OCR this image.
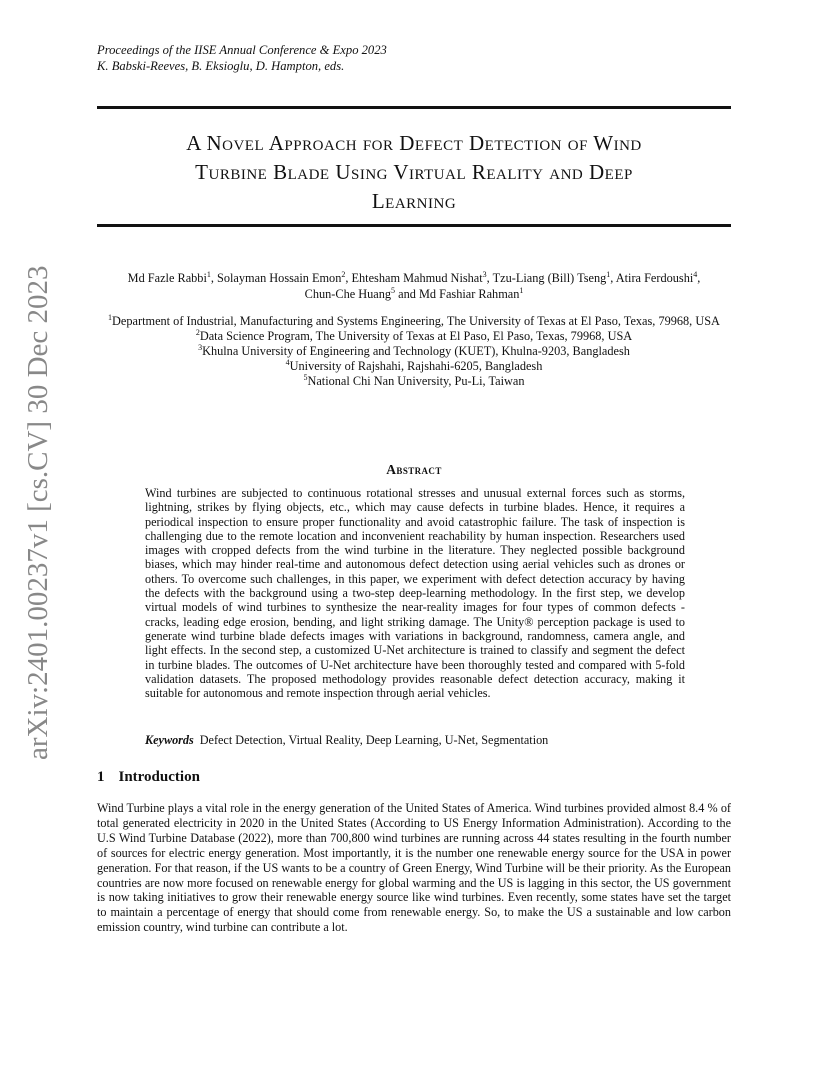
Proceedings of the IISE Annual Conference & Expo 2023
K. Babski-Reeves, B. Eksioglu, D. Hampton, eds.
A Novel Approach for Defect Detection of Wind
Turbine Blade Using Virtual Reality and Deep
Learning
Md Fazle Rabbi$^1$, Solayman Hossain Emon$^2$, Ehtesham Mahmud Nishat$^3$, Tzu-Liang (Bill) Tseng$^1$, Atira Ferdoushi$^4$,
Chun-Che Huang$^5$ and Md Fashiar Rahman$^1$
$^1$Department of Industrial, Manufacturing and Systems Engineering, The University of Texas at El Paso, Texas, 79968, USA
$^2$Data Science Program, The University of Texas at El Paso, El Paso, Texas, 79968, USA
$^3$Khulna University of Engineering and Technology (KUET), Khulna-9203, Bangladesh
$^4$University of Rajshahi, Rajshahi-6205, Bangladesh
$^5$National Chi Nan University, Pu-Li, Taiwan
Abstract

Wind turbines are subjected to continuous rotational stresses and unusual external forces such as storms, lightning, strikes by flying objects, etc., which may cause defects in turbine blades. Hence, it requires a periodical inspection to ensure proper functionality and avoid catastrophic failure. The task of inspection is challenging due to the remote location and inconvenient reachability by human inspection. Researchers used images with cropped defects from the wind turbine in the literature. They neglected possible background biases, which may hinder real-time and autonomous defect detection using aerial vehicles such as drones or others. To overcome such challenges, in this paper, we experiment with defect detection accuracy by having the defects with the background using a two-step deep-learning methodology. In the first step, we develop virtual models of wind turbines to synthesize the near-reality images for four types of common defects - cracks, leading edge erosion, bending, and light striking damage. The Unity® perception package is used to generate wind turbine blade defects images with variations in background, randomness, camera angle, and light effects. In the second step, a customized U-Net architecture is trained to classify and segment the defect in turbine blades. The outcomes of U-Net architecture have been thoroughly tested and compared with 5-fold validation datasets. The proposed methodology provides reasonable defect detection accuracy, making it suitable for autonomous and remote inspection through aerial vehicles.

Keywords Defect Detection, Virtual Reality, Deep Learning, U-Net, Segmentation
1 Introduction

Wind Turbine plays a vital role in the energy generation of the United States of America. Wind turbines provided almost 8.4 % of total generated electricity in 2020 in the United States (According to US Energy Information Administration). According to the U.S Wind Turbine Database (2022), more than 700,800 wind turbines are running across 44 states resulting in the fourth number of sources for electric energy generation. Most importantly, it is the number one renewable energy source for the USA in power generation. For that reason, if the US wants to be a country of Green Energy, Wind Turbine will be their priority. As the European countries are now more focused on renewable energy for global warming and the US is lagging in this sector, the US government is now taking initiatives to grow their renewable energy source like wind turbines. Even recently, some states have set the target to maintain a percentage of energy that should come from renewable energy. So, to make the US a sustainable and low carbon emission country, wind turbine can contribute a lot.

arXiv:2401.00237v1 [cs.CV] 30 Dec 2023
